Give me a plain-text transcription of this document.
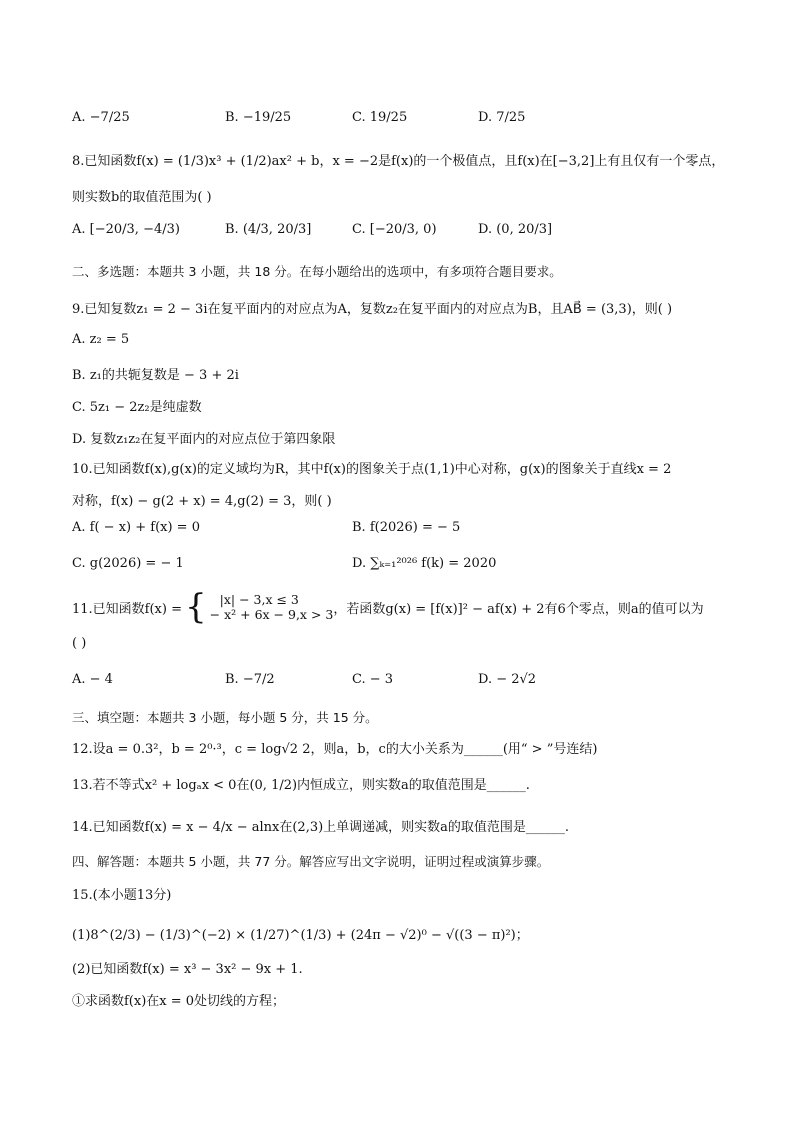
A. −7/25	B. −19/25	C. 19/25	D. 7/25
8.已知函数f(x) = (1/3)x³ + (1/2)ax² + b，x = −2是f(x)的一个极值点，且f(x)在[−3,2]上有且仅有一个零点，
则实数b的取值范围为( )
A. [−20/3, −4/3)	B. (4/3, 20/3]	C. [−20/3, 0)	D. (0, 20/3]
二、多选题：本题共 3 小题，共 18 分。在每小题给出的选项中，有多项符合题目要求。
9.已知复数z₁ = 2 − 3i在复平面内的对应点为A，复数z₂在复平面内的对应点为B，且AB⃗ = (3,3)，则( )
A. z₂ = 5
B. z₁的共轭复数是 − 3 + 2i
C. 5z₁ − 2z₂是纯虚数
D. 复数z₁z₂在复平面内的对应点位于第四象限
10.已知函数f(x),g(x)的定义域均为R，其中f(x)的图象关于点(1,1)中心对称，g(x)的图象关于直线x = 2
对称，f(x) − g(2 + x) = 4,g(2) = 3，则( )
A. f( − x) + f(x) = 0	B. f(2026) = − 5
C. g(2026) = − 1	D. ∑ₖ₌₁²⁰²⁶ f(k) = 2020
11.已知函数f(x) = {	|x| − 3,x ≤ 3
− x² + 6x − 9,x > 3 ，若函数g(x) = [f(x)]² − af(x) + 2有6个零点，则a的值可以为
( )
A. − 4	B. −7/2	C. − 3	D. − 2√2
三、填空题：本题共 3 小题，每小题 5 分，共 15 分。
12.设a = 0.3²，b = 2⁰·³，c = log√2 2，则a，b，c的大小关系为______(用“ > ”号连结)
13.若不等式x² + logₐx < 0在(0, 1/2)内恒成立，则实数a的取值范围是______.
14.已知函数f(x) = x − 4/x − alnx在(2,3)上单调递减，则实数a的取值范围是______.
四、解答题：本题共 5 小题，共 77 分。解答应写出文字说明，证明过程或演算步骤。
15.(本小题13分)
(1)8^(2/3) − (1/3)^(−2) × (1/27)^(1/3) + (24π − √2)⁰ − √((3 − π)²)；
(2)已知函数f(x) = x³ − 3x² − 9x + 1.
①求函数f(x)在x = 0处切线的方程；
